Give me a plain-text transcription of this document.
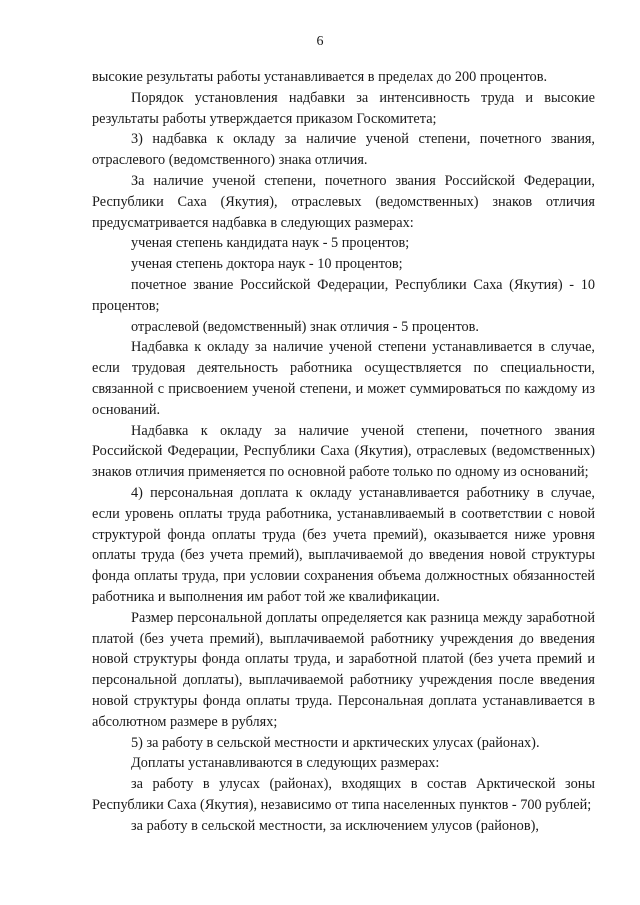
6

высокие результаты работы устанавливается в пределах до 200 процентов.

Порядок установления надбавки за интенсивность труда и высокие результаты работы утверждается приказом Госкомитета;

3) надбавка к окладу за наличие ученой степени, почетного звания, отраслевого (ведомственного) знака отличия.

За наличие ученой степени, почетного звания Российской Федерации, Республики Саха (Якутия), отраслевых (ведомственных) знаков отличия предусматривается надбавка в следующих размерах:

ученая степень кандидата наук - 5 процентов;

ученая степень доктора наук - 10 процентов;

почетное звание Российской Федерации, Республики Саха (Якутия) - 10 процентов;

отраслевой (ведомственный) знак отличия - 5 процентов.

Надбавка к окладу за наличие ученой степени устанавливается в случае, если трудовая деятельность работника осуществляется по специальности, связанной с присвоением ученой степени, и может суммироваться по каждому из оснований.

Надбавка к окладу за наличие ученой степени, почетного звания Российской Федерации, Республики Саха (Якутия), отраслевых (ведомственных) знаков отличия применяется по основной работе только по одному из оснований;

4) персональная доплата к окладу устанавливается работнику в случае, если уровень оплаты труда работника, устанавливаемый в соответствии с новой структурой фонда оплаты труда (без учета премий), оказывается ниже уровня оплаты труда (без учета премий), выплачиваемой до введения новой структуры фонда оплаты труда, при условии сохранения объема должностных обязанностей работника и выполнения им работ той же квалификации.

Размер персональной доплаты определяется как разница между заработной платой (без учета премий), выплачиваемой работнику учреждения до введения новой структуры фонда оплаты труда, и заработной платой (без учета премий и персональной доплаты), выплачиваемой работнику учреждения после введения новой структуры фонда оплаты труда. Персональная доплата устанавливается в абсолютном размере в рублях;

5) за работу в сельской местности и арктических улусах (районах).

Доплаты устанавливаются в следующих размерах:

за работу в улусах (районах), входящих в состав Арктической зоны Республики Саха (Якутия), независимо от типа населенных пунктов - 700 рублей;

за работу в сельской местности, за исключением улусов (районов),
